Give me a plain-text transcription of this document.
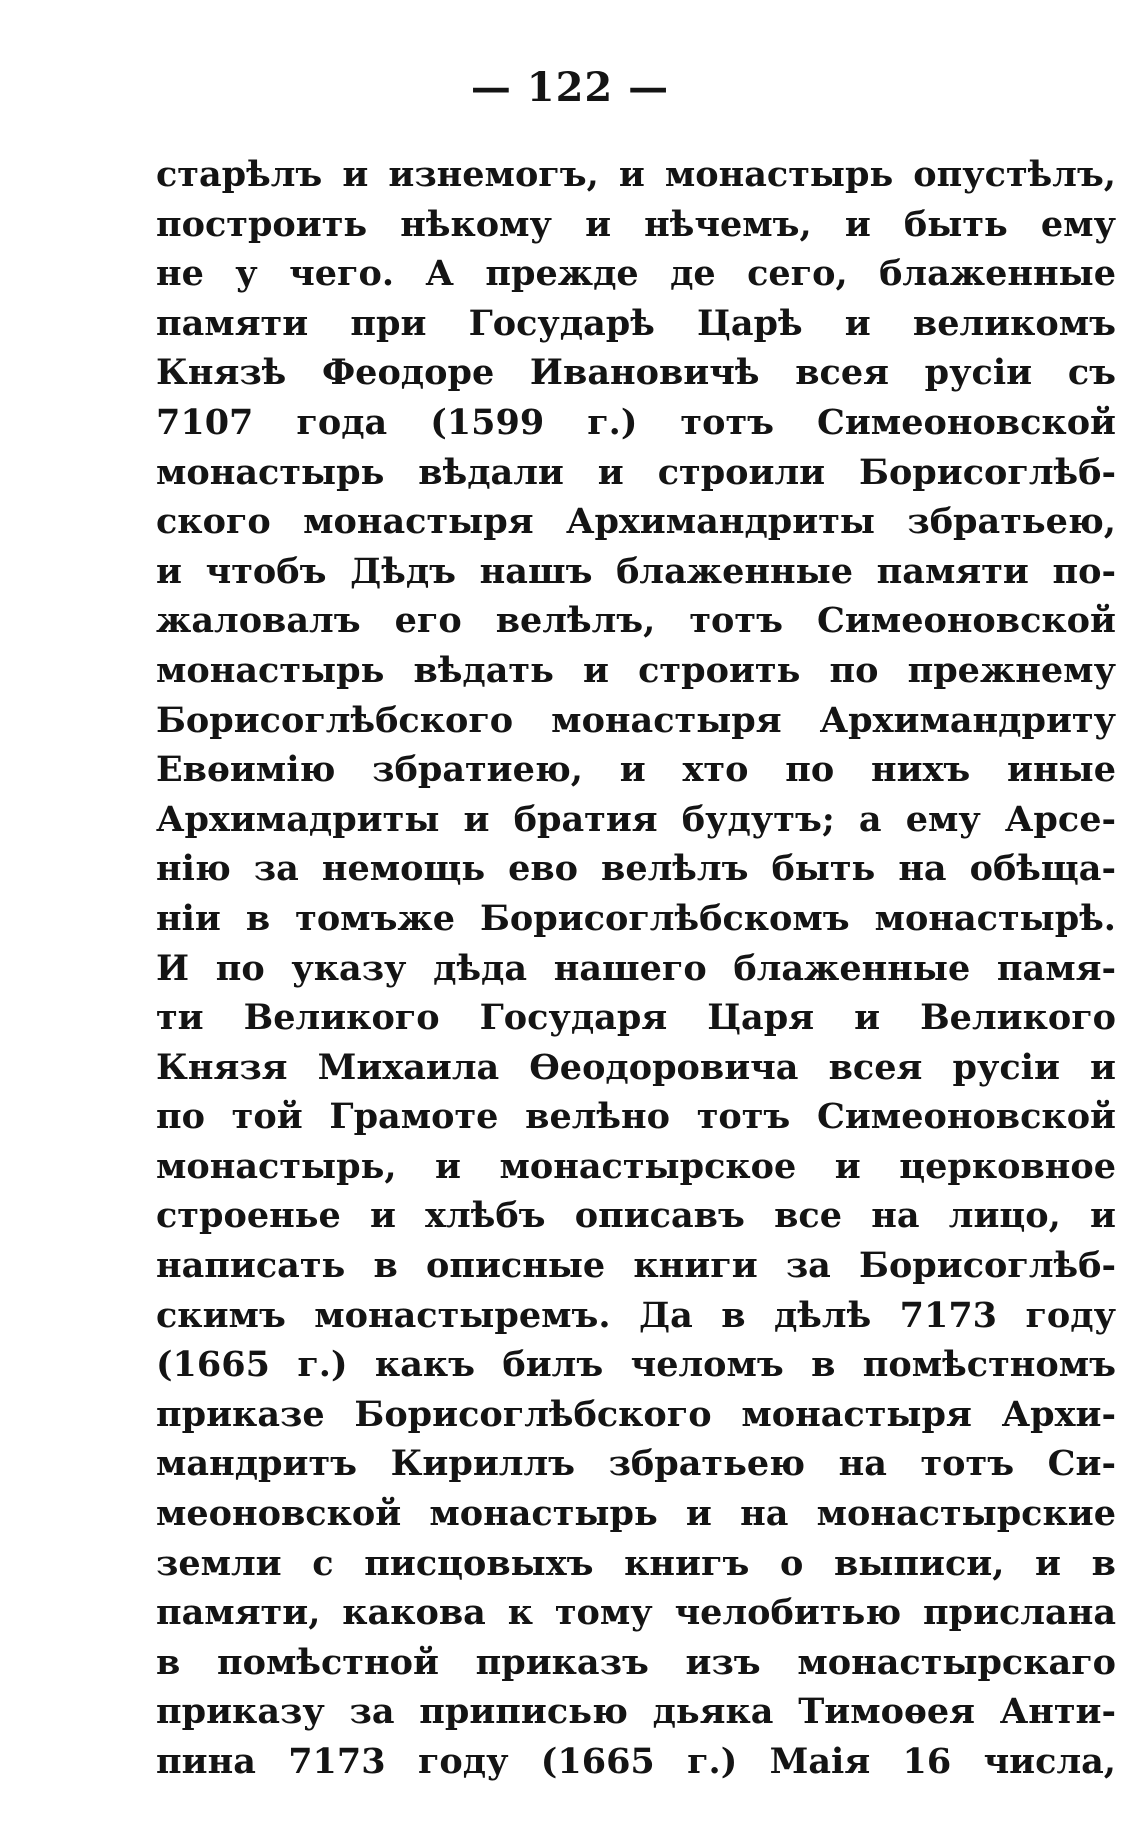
— 122 —
старѣлъ и изнемогъ, и монастырь опустѣлъ,
построить нѣкому и нѣчемъ, и быть ему
не у чего. А прежде де сего, блаженные
памяти при Государѣ Царѣ и великомъ
Князѣ Феодоре Ивановичѣ всея русіи съ
7107 года (1599 г.) тотъ Симеоновской
монастырь вѣдали и строили Борисоглѣб-
ского монастыря Архимандриты збратьею,
и чтобъ Дѣдъ нашъ блаженные памяти по-
жаловалъ его велѣлъ, тотъ Симеоновской
монастырь вѣдать и строить по прежнему
Борисоглѣбского монастыря Архимандриту
Евѳимію збратиею, и хто по нихъ иные
Архимадриты и братия будутъ; а ему Арсе-
нію за немощь ево велѣлъ быть на обѣща-
ніи в томъже Борисоглѣбскомъ монастырѣ.
И по указу дѣда нашего блаженные памя-
ти Великого Государя Царя и Великого
Князя Михаила Ѳеодоровича всея русіи и
по той Грамоте велѣно тотъ Симеоновской
монастырь, и монастырское и церковное
строенье и хлѣбъ описавъ все на лицо, и
написать в описные книги за Борисоглѣб-
скимъ монастыремъ. Да в дѣлѣ 7173 году
(1665 г.) какъ билъ челомъ в помѣстномъ
приказе Борисоглѣбского монастыря Архи-
мандритъ Кириллъ збратьею на тотъ Си-
меоновской монастырь и на монастырские
земли с писцовыхъ книгъ о выписи, и в
памяти, какова к тому челобитью прислана
в помѣстной приказъ изъ монастырскаго
приказу за приписью дьяка Тимоѳея Анти-
пина 7173 году (1665 г.) Маія 16 числа,
